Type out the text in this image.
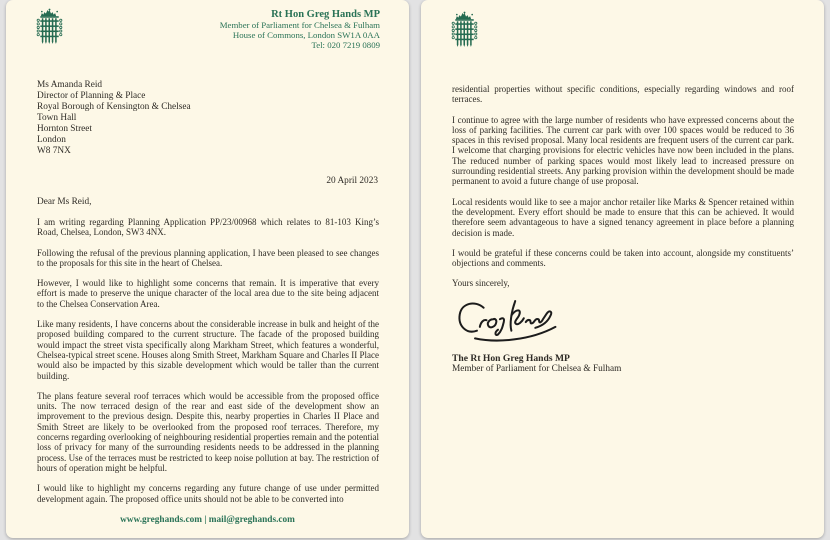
Rt Hon Greg Hands MP
Member of Parliament for Chelsea & Fulham
House of Commons, London SW1A 0AA
Tel: 020 7219 0809
Ms Amanda Reid
Director of Planning & Place
Royal Borough of Kensington & Chelsea
Town Hall
Hornton Street
London
W8 7NX
20 April 2023
Dear Ms Reid,

I am writing regarding Planning Application PP/23/00968 which relates to 81-103 King’s Road, Chelsea, London, SW3 4NX.

Following the refusal of the previous planning application, I have been pleased to see changes to the proposals for this site in the heart of Chelsea.

However, I would like to highlight some concerns that remain. It is imperative that every effort is made to preserve the unique character of the local area due to the site being adjacent to the Chelsea Conservation Area.

Like many residents, I have concerns about the considerable increase in bulk and height of the proposed building compared to the current structure. The facade of the proposed building would impact the street vista specifically along Markham Street, which features a wonderful, Chelsea-typical street scene. Houses along Smith Street, Markham Square and Charles II Place would also be impacted by this sizable development which would be taller than the current building.

The plans feature several roof terraces which would be accessible from the proposed office units. The now terraced design of the rear and east side of the development show an improvement to the previous design. Despite this, nearby properties in Charles II Place and Smith Street are likely to be overlooked from the proposed roof terraces. Therefore, my concerns regarding overlooking of neighbouring residential properties remain and the potential loss of privacy for many of the surrounding residents needs to be addressed in the planning process. Use of the terraces must be restricted to keep noise pollution at bay. The restriction of hours of operation might be helpful.

I would like to highlight my concerns regarding any future change of use under permitted development again. The proposed office units should not be able to be converted into

www.greghands.com | mail@greghands.com

residential properties without specific conditions, especially regarding windows and roof terraces.

I continue to agree with the large number of residents who have expressed concerns about the loss of parking facilities. The current car park with over 100 spaces would be reduced to 36 spaces in this revised proposal. Many local residents are frequent users of the current car park. I welcome that charging provisions for electric vehicles have now been included in the plans. The reduced number of parking spaces would most likely lead to increased pressure on surrounding residential streets. Any parking provision within the development should be made permanent to avoid a future change of use proposal.

Local residents would like to see a major anchor retailer like Marks & Spencer retained within the development. Every effort should be made to ensure that this can be achieved. It would therefore seem advantageous to have a signed tenancy agreement in place before a planning decision is made.

I would be grateful if these concerns could be taken into account, alongside my constituents’ objections and comments.

Yours sincerely,

The Rt Hon Greg Hands MP
Member of Parliament for Chelsea & Fulham
